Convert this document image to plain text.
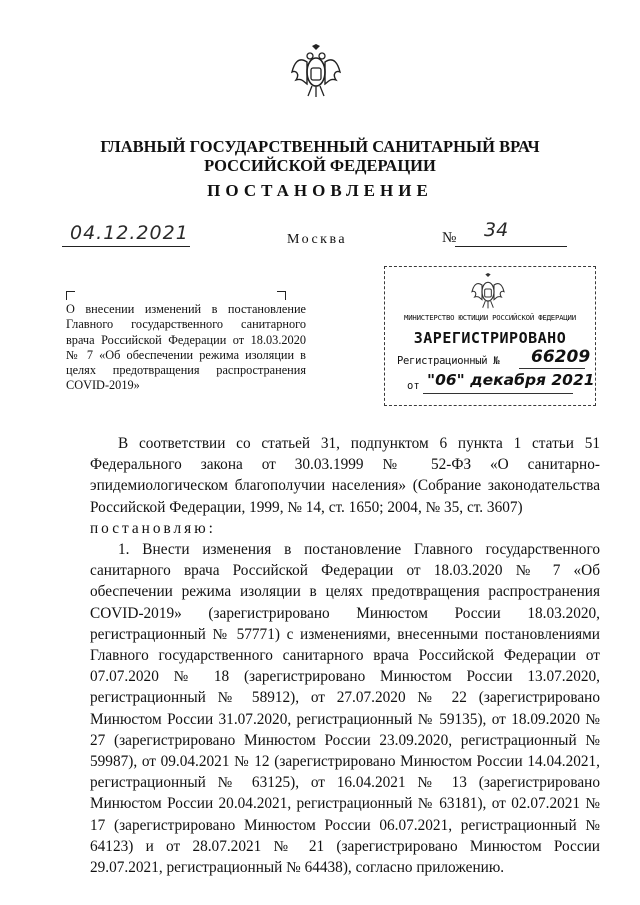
ГЛАВНЫЙ ГОСУДАРСТВЕННЫЙ САНИТАРНЫЙ ВРАЧ
РОССИЙСКОЙ ФЕДЕРАЦИИ
ПОСТАНОВЛЕНИЕ
04.12.2021	Москва	№ 34
О внесении изменений в постановление Главного государственного санитарного врача Российской Федерации от 18.03.2020 № 7 «Об обеспечении режима изоляции в целях предотвращения распространения COVID-2019»
МИНИСТЕРСТВО ЮСТИЦИИ РОССИЙСКОЙ ФЕДЕРАЦИИ
ЗАРЕГИСТРИРОВАНО
Регистрационный № 66209
от "06" декабря 2021

В соответствии со статьей 31, подпунктом 6 пункта 1 статьи 51 Федерального закона от 30.03.1999 № 52-ФЗ «О санитарно-эпидемиологическом благополучии населения» (Собрание законодательства Российской Федерации, 1999, № 14, ст. 1650; 2004, № 35, ст. 3607)

постановляю:

1. Внести изменения в постановление Главного государственного санитарного врача Российской Федерации от 18.03.2020 № 7 «Об обеспечении режима изоляции в целях предотвращения распространения COVID-2019» (зарегистрировано Минюстом России 18.03.2020, регистрационный № 57771) с изменениями, внесенными постановлениями Главного государственного санитарного врача Российской Федерации от 07.07.2020 № 18 (зарегистрировано Минюстом России 13.07.2020, регистрационный № 58912), от 27.07.2020 № 22 (зарегистрировано Минюстом России 31.07.2020, регистрационный № 59135), от 18.09.2020 № 27 (зарегистрировано Минюстом России 23.09.2020, регистрационный № 59987), от 09.04.2021 № 12 (зарегистрировано Минюстом России 14.04.2021, регистрационный № 63125), от 16.04.2021 № 13 (зарегистрировано Минюстом России 20.04.2021, регистрационный № 63181), от 02.07.2021 № 17 (зарегистрировано Минюстом России 06.07.2021, регистрационный № 64123) и от 28.07.2021 № 21 (зарегистрировано Минюстом России 29.07.2021, регистрационный № 64438), согласно приложению.
